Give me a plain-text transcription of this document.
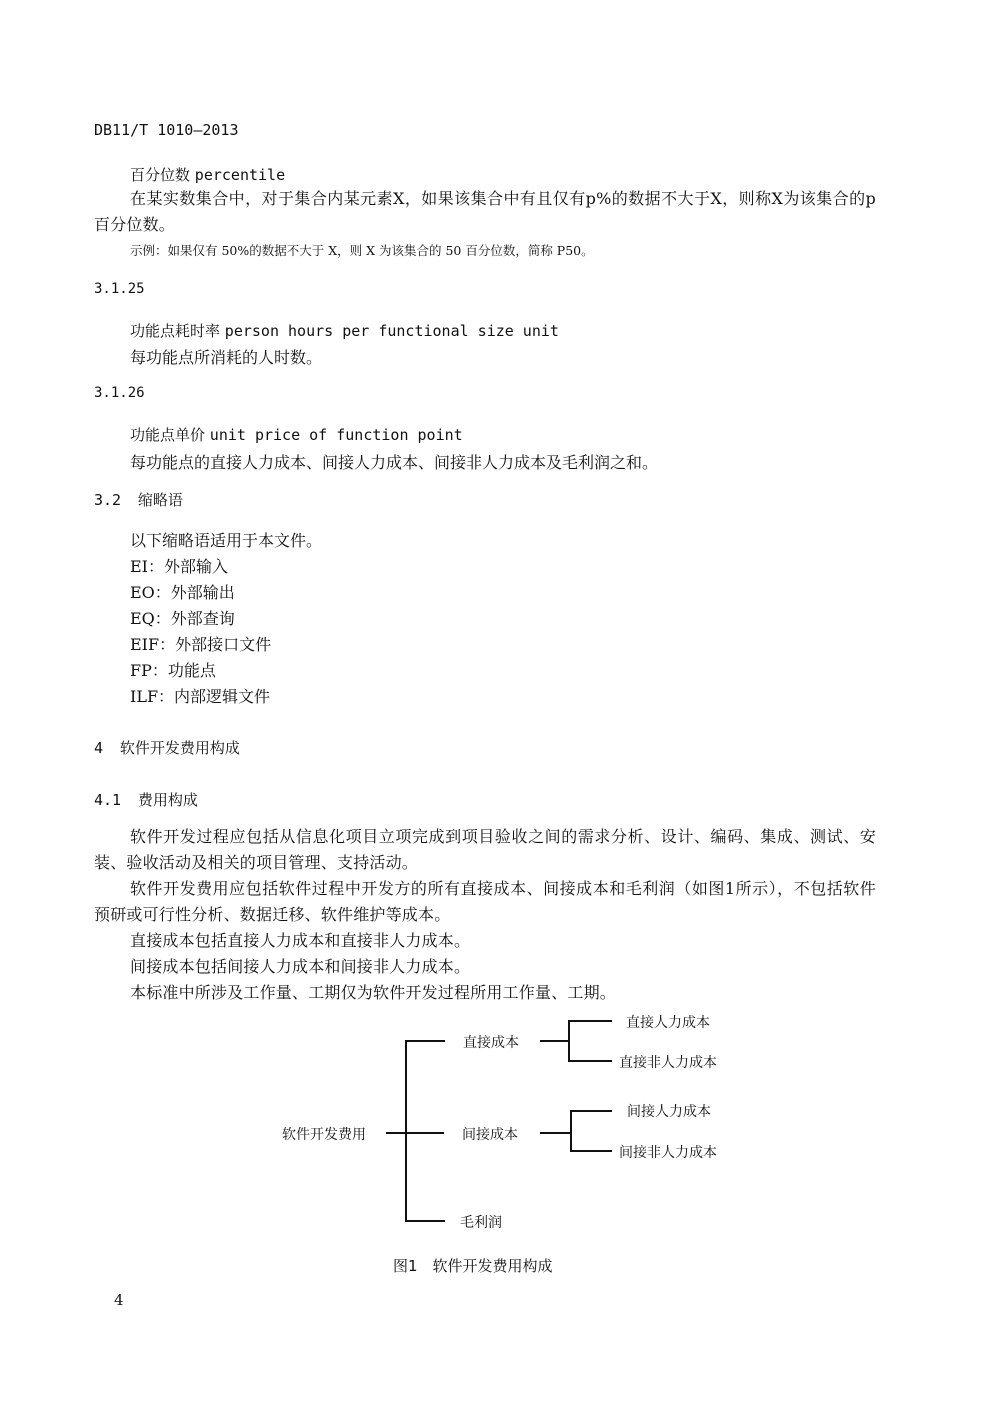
DB11/T 1010—2013
百分位数 percentile
在某实数集合中，对于集合内某元素X，如果该集合中有且仅有p%的数据不大于X，则称X为该集合的p百分位数。
示例：如果仅有 50%的数据不大于 X，则 X 为该集合的 50 百分位数，简称 P50。
3.1.25
功能点耗时率 person hours per functional size unit
每功能点所消耗的人时数。
3.1.26
功能点单价 unit price of function point
每功能点的直接人力成本、间接人力成本、间接非人力成本及毛利润之和。
3.2 缩略语
以下缩略语适用于本文件。
EI：外部输入
EO：外部输出
EQ：外部查询
EIF：外部接口文件
FP：功能点
ILF：内部逻辑文件
4 软件开发费用构成
4.1 费用构成
软件开发过程应包括从信息化项目立项完成到项目验收之间的需求分析、设计、编码、集成、测试、安装、验收活动及相关的项目管理、支持活动。
软件开发费用应包括软件过程中开发方的所有直接成本、间接成本和毛利润（如图1所示），不包括软件预研或可行性分析、数据迁移、软件维护等成本。
直接成本包括直接人力成本和直接非人力成本。
间接成本包括间接人力成本和间接非人力成本。
本标准中所涉及工作量、工期仅为软件开发过程所用工作量、工期。
软件开发费用
直接成本
间接成本
毛利润
直接人力成本
直接非人力成本
间接人力成本
间接非人力成本
图1　软件开发费用构成
4
